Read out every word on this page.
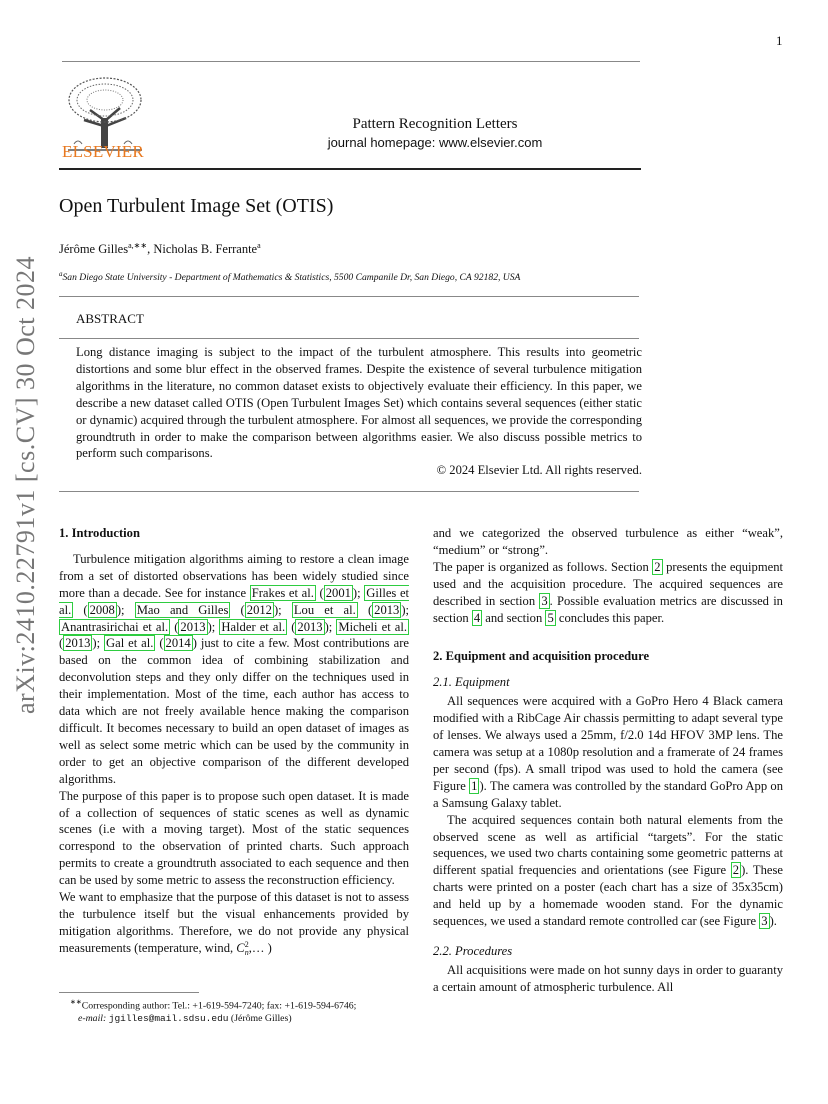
1
ELSEVIER
Pattern Recognition Letters
journal homepage: www.elsevier.com
Open Turbulent Image Set (OTIS)
Jérôme Gilles$^{a,∗∗}$, Nicholas B. Ferrante$^a$
$^a$San Diego State University - Department of Mathematics & Statistics, 5500 Campanile Dr, San Diego, CA 92182, USA
ABSTRACT
Long distance imaging is subject to the impact of the turbulent atmosphere. This results into geometric distortions and some blur effect in the observed frames. Despite the existence of several turbulence mitigation algorithms in the literature, no common dataset exists to objectively evaluate their efficiency. In this paper, we describe a new dataset called OTIS (Open Turbulent Images Set) which contains several sequences (either static or dynamic) acquired through the turbulent atmosphere. For almost all sequences, we provide the corresponding groundtruth in order to make the comparison between algorithms easier. We also discuss possible metrics to perform such comparisons.
© 2024 Elsevier Ltd. All rights reserved.
arXiv:2410.22791v1 [cs.CV] 30 Oct 2024 1. Introduction

Turbulence mitigation algorithms aiming to restore a clean image from a set of distorted observations has been widely studied since more than a decade. See for instance Frakes et al. ( 2001 ); Gilles et al. ( 2008 ); Mao and Gilles ( 2012 ); Lou et al. ( 2013 ); Anantrasirichai et al. ( 2013 ); Halder et al. ( 2013 ); Micheli et al. ( 2013 ); Gal et al. ( 2014 ) just to cite a few. Most contributions are based on the common idea of combining stabilization and deconvolution steps and they only differ on the techniques used in their implementation. Most of the time, each author has access to data which are not freely available hence making the comparison difficult. It becomes necessary to build an open dataset of images as well as select some metric which can be used by the community in order to get an objective comparison of the different developed algorithms.

The purpose of this paper is to propose such open dataset. It is made of a collection of sequences of static scenes as well as dynamic scenes (i.e with a moving target). Most of the static sequences correspond to the observation of printed charts. Such approach permits to create a groundtruth associated to each sequence and then can be used by some metric to assess the reconstruction efficiency.

We want to emphasize that the purpose of this dataset is not to assess the turbulence itself but the visual enhancements provided by mitigation algorithms. Therefore, we do not provide any physical measurements (temperature, wind, C 2
n ,… )

∗∗Corresponding author: Tel.: +1-619-594-7240; fax: +1-619-594-6746;
e-mail: jgilles@mail.sdsu.edu (Jérôme Gilles)

and we categorized the observed turbulence as either “weak”, “medium” or “strong”.

The paper is organized as follows. Section 2 presents the equipment used and the acquisition procedure. The acquired sequences are described in section 3 . Possible evaluation metrics are discussed in section 4 and section 5 concludes this paper.

2. Equipment and acquisition procedure

2.1. Equipment

All sequences were acquired with a GoPro Hero 4 Black camera modified with a RibCage Air chassis permitting to adapt several type of lenses. We always used a 25mm, f/2.0 14d HFOV 3MP lens. The camera was setup at a 1080p resolution and a framerate of 24 frames per second (fps). A small tripod was used to hold the camera (see Figure 1 ). The camera was controlled by the standard GoPro App on a Samsung Galaxy tablet.

The acquired sequences contain both natural elements from the observed scene as well as artificial “targets”. For the static sequences, we used two charts containing some geometric patterns at different spatial frequencies and orientations (see Figure 2 ). These charts were printed on a poster (each chart has a size of 35x35cm) and held up by a homemade wooden stand. For the dynamic sequences, we used a standard remote controlled car (see Figure 3 ).

2.2. Procedures

All acquisitions were made on hot sunny days in order to guaranty a certain amount of atmospheric turbulence. All
